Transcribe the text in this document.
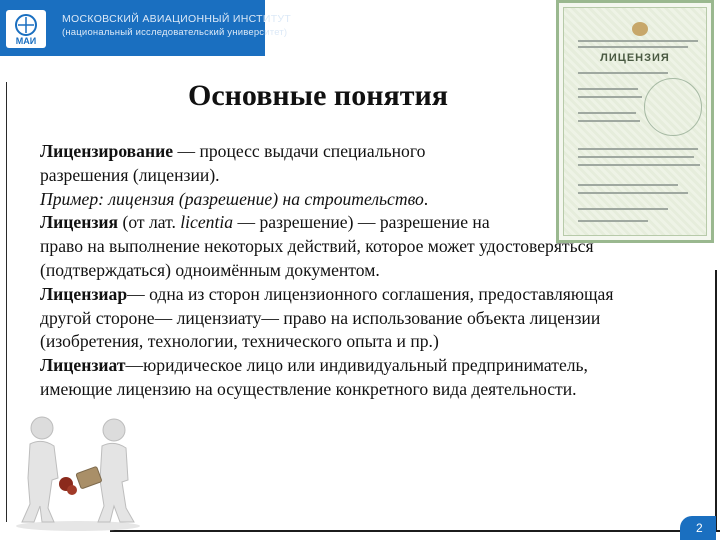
МАИ
МОСКОВСКИЙ АВИАЦИОННЫЙ ИНСТИТУТ
(национальный исследовательский университет)
ЛИЦЕНЗИЯ
Основные понятия
Лицензирование — процесс выдачи специального
разрешения (лицензии).
Пример: лицензия (разрешение) на строительство.
Лицензия (от лат. licentia — разрешение) — разрешение на
право на выполнение некоторых действий, которое может удостоверяться
(подтверждаться) одноимённым документом.
Лицензиар— одна из сторон лицензионного соглашения, предоставляющая
другой стороне— лицензиату— право на использование объекта лицензии
(изобретения, технологии, технического опыта и пр.)
Лицензиат—юридическое лицо или индивидуальный предприниматель,
имеющие лицензию на осуществление конкретного вида деятельности.
2
